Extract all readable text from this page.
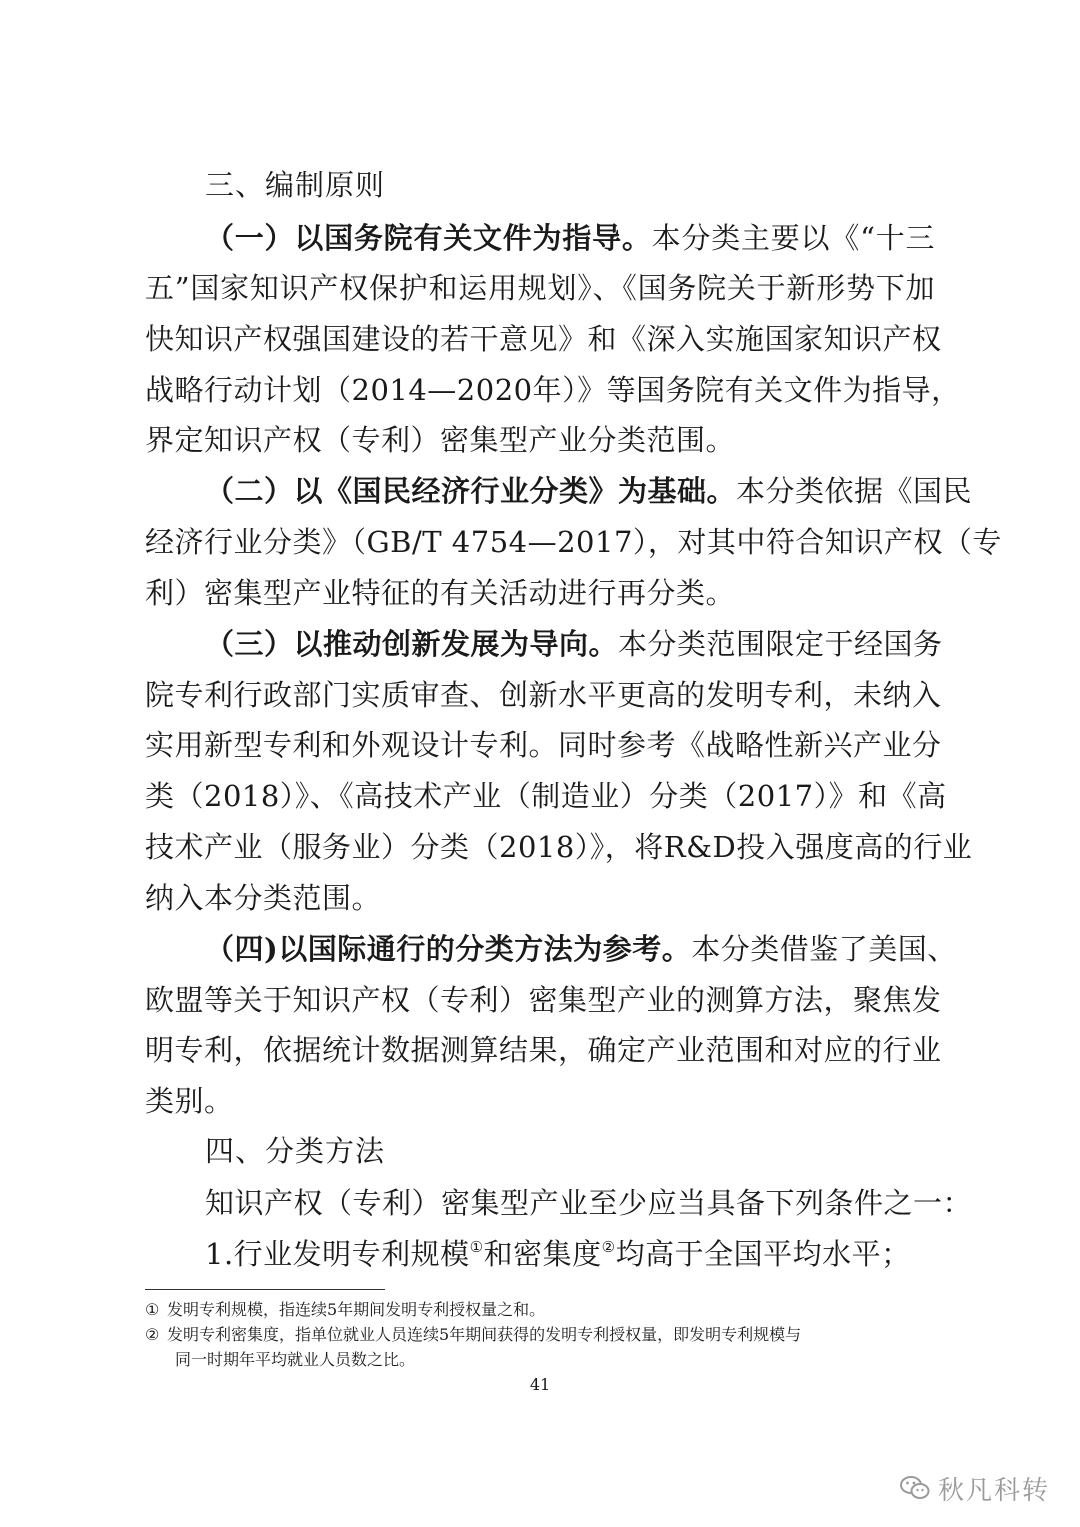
三、编制原则
（一）以国务院有关文件为指导。本分类主要以《“十三
五”国家知识产权保护和运用规划》、《国务院关于新形势下加
快知识产权强国建设的若干意见》和《深入实施国家知识产权
战略行动计划（2014—2020年）》等国务院有关文件为指导，
界定知识产权（专利）密集型产业分类范围。
（二）以《国民经济行业分类》为基础。本分类依据《国民
经济行业分类》（GB/T 4754—2017），对其中符合知识产权（专
利）密集型产业特征的有关活动进行再分类。
（三）以推动创新发展为导向。本分类范围限定于经国务
院专利行政部门实质审查、创新水平更高的发明专利，未纳入
实用新型专利和外观设计专利。同时参考《战略性新兴产业分
类（2018）》、《高技术产业（制造业）分类（2017）》和《高
技术产业（服务业）分类（2018）》，将R&D投入强度高的行业
纳入本分类范围。
（四)以国际通行的分类方法为参考。本分类借鉴了美国、
欧盟等关于知识产权（专利）密集型产业的测算方法，聚焦发
明专利，依据统计数据测算结果，确定产业范围和对应的行业
类别。
四、分类方法
知识产权（专利）密集型产业至少应当具备下列条件之一：
1.行业发明专利规模①和密集度②均高于全国平均水平；
① 发明专利规模，指连续5年期间发明专利授权量之和。
② 发明专利密集度，指单位就业人员连续5年期间获得的发明专利授权量，即发明专利规模与
同一时期年平均就业人员数之比。
41
秋凡科转
